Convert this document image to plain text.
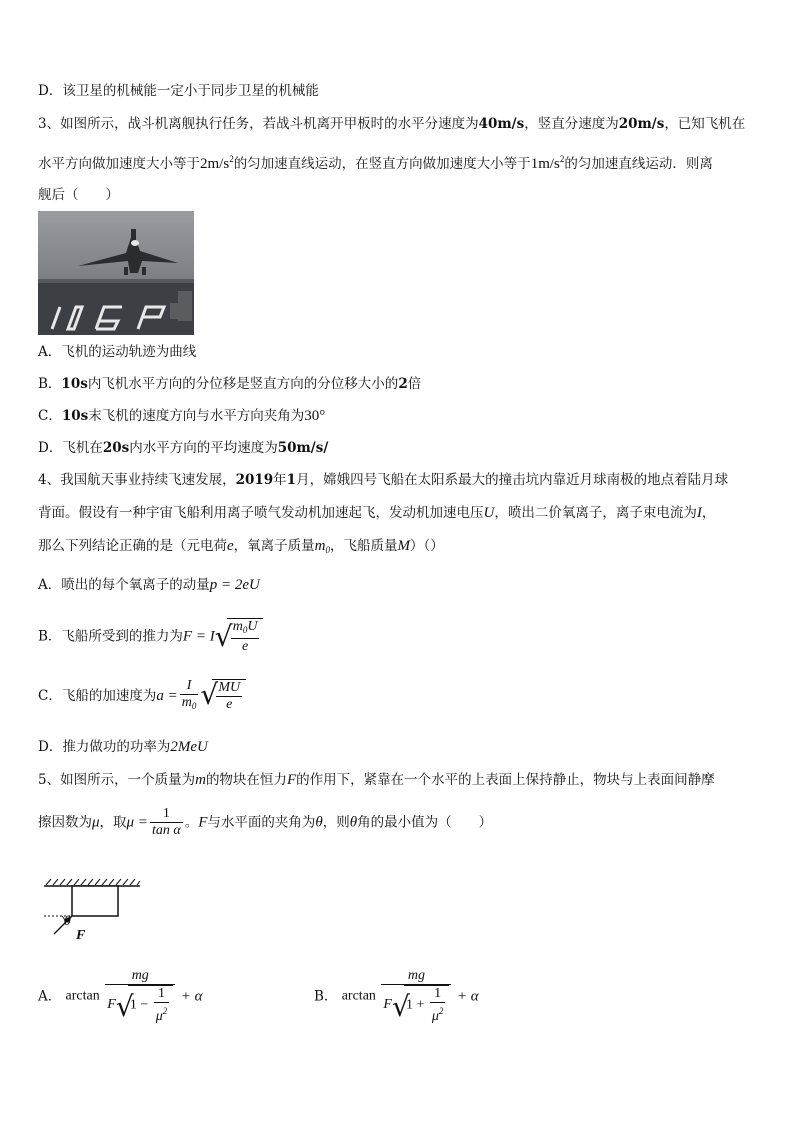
D．该卫星的机械能一定小于同步卫星的机械能
3、如图所示，战斗机离舰执行任务，若战斗机离开甲板时的水平分速度为40m/s，竖直分速度为20m/s，已知飞机在
水平方向做加速度大小等于$2m/s^2$的匀加速直线运动，在竖直方向做加速度大小等于$1m/s^2$的匀加速直线运动．则离
舰后（　　）
A．飞机的运动轨迹为曲线
B．10s内飞机水平方向的分位移是竖直方向的分位移大小的2倍
C．10s末飞机的速度方向与水平方向夹角为30°
D．飞机在20s内水平方向的平均速度为50m/s/
4、我国航天事业持续飞速发展，2019年1月，嫦娥四号飞船在太阳系最大的撞击坑内靠近月球南极的地点着陆月球
背面。假设有一种宇宙飞船利用离子喷气发动机加速起飞，发动机加速电压U，喷出二价氧离子，离子束电流为I，
那么下列结论正确的是（元电荷e，氧离子质量$m_0$，飞船质量M）（）
A．喷出的每个氧离子的动量p = 2eU
B．飞船所受到的推力为F = I √
$\frac{m_0U}{e}$
C．飞船的加速度为$a = \frac{I}{m_0}$ √
$\frac{MU}{e}$
D．推力做功的功率为2MeU
5、如图所示，一个质量为m的物块在恒力F的作用下，紧靠在一个水平的上表面上保持静止，物块与上表面间静摩
擦因数为μ，取$\mu = \frac{1}{\text{tan α}}$ 。F与水平面的夹角为θ，则θ角的最小值为（　　）
θ
F
A． arctan mg
F √
$1 - \frac{1}{\mu^2} + \alpha$	B． arctan mg
F √
$1 + \frac{1}{\mu^2} + \alpha$
